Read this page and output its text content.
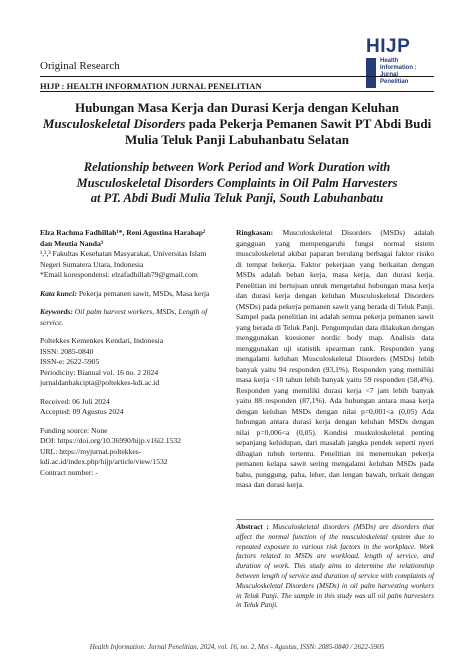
Original Research
HIJP
Health
Information :
Jurnal
Penelitian
HIJP : HEALTH INFORMATION JURNAL PENELITIAN
Hubungan Masa Kerja dan Durasi Kerja dengan Keluhan
Musculoskeletal Disorders pada Pekerja Pemanen Sawit PT Abdi Budi
Mulia Teluk Panji Labuhanbatu Selatan
Relationship between Work Period and Work Duration with
Musculoskeletal Disorders Complaints in Oil Palm Harvesters
at PT. Abdi Budi Mulia Teluk Panji, South Labuhanbatu

Elza Rachma Fadhillah¹*, Reni Agustina Harahap²

dan Meutia Nanda³

¹,²,³ Fakultas Kesehatan Masyarakat, Universitas Islam Negeri Sumatera Utara, Indonesia

*Email korespondensi: elzafadhillah79@gmail.com

Kata kunci: Pekerja pemanen sawit, MSDs, Masa kerja

Keywords: Oil palm harvest workers, MSDs, Length of service.

Poltekkes Kemenkes Kendari, Indonesia

ISSN: 2085-0840

ISSN-e: 2622-5905

Periodicity: Bianual vol. 16 no. 2 2024

jurnaldanhakcipta@poltekkes-kdi.ac.id

Received: 06 Juli 2024

Accepted: 09 Agustus 2024

Funding source: None

DOI: https://doi.org/10.36990/hijp.v16i2.1532

URL: https://myjurnal.poltekkes-

kdi.ac.id/index.php/hijp/article/view/1532

Contract number: -

Ringkasan: Musculoskeletal Disorders (MSDs) adalah gangguan yang mempengaruhi fungsi normal sistem musculoskeletal akibat paparan berulang berbagai faktor risiko di tempat bekerja. Faktor pekerjaan yang berkaitan dengan MSDs adalah beban kerja, masa kerja, dan durasi kerja. Penelitian ini bertujuan untuk mengetahui hubungan masa kerja dan durasi kerja dengan keluhan Musculoskeletal Disorders (MSDs) pada pekerja pemanen sawit yang berada di Teluk Panji. Sampel pada penelitian ini adalah semua pekerja pemanen sawit yang berada di Teluk Panji. Pengumpulan data dilakukan dengan menggunakan kuesioner nordic body map. Analisis data menggunakan uji statistik spearman rank. Responden yang mengalami keluhan Musculoskeletal Disorders (MSDs) lebih banyak yaitu 94 responden (93,1%). Responden yang memiliki masa kerja <10 tahun lebih banyak yaitu 59 responden (58,4%). Responden yang memiliki durasi kerja <7 jam lebih banyak yaitu 88 responden (87,1%). Ada hubungan antara masa kerja dengan keluhan MSDs dengan nilai p=0,001<a (0,05) Ada hubungan antara durasi kerja dengan keluhan MSDs dengan nilai p=0,006<a (0,05). Kondisi muskuloskeletal penting sepanjang kehidupan, dari masalah jangka pendek seperti nyeri dibagian tubuh tertentu. Penelitian ini menemukan pekerja pemanen kelapa sawit sering mengalami keluhan MSDs pada bahu, punggung, paha, leher, dan lengan bawah, terkait dengan masa dan durasi kerja.

Abstract : Musculoskeletal disorders (MSDs) are disorders that affect the normal function of the musculoskeletal system due to repeated exposure to various risk factors in the workplace. Work factors related to MSDs are workload, length of service, and duration of work. This study aims to determine the relationship between length of service and duration of service with complaints of Musculoskeletal Disorders (MSDs) in oil palm harvesting workers in Teluk Panji. The sample in this study was all oil palm harvesters in Teluk Panji.
Health Information: Jurnal Penelitian, 2024, vol. 16, no. 2, Mei - Agustus, ISSN: 2085-0840 / 2622-5905
